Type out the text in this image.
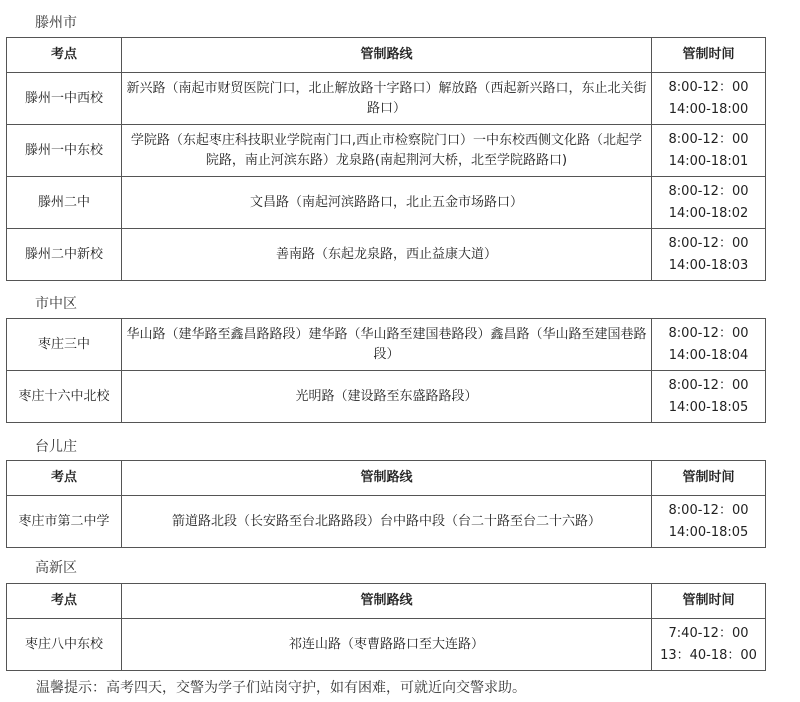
滕州市
考点	管制路线	管制时间
滕州一中西校	新兴路（南起市财贸医院门口，北止解放路十字路口）解放路（西起新兴路口，东止北关街路口）	8:00-12：00
14:00-18:00

滕州一中东校	学院路（东起枣庄科技职业学院南门口,西止市检察院门口）一中东校西侧文化路（北起学院路，南止河滨东路）龙泉路(南起荆河大桥，北至学院路路口)	8:00-12：00
14:00-18:01

滕州二中	文昌路（南起河滨路路口，北止五金市场路口）	8:00-12：00
14:00-18:02

滕州二中新校	善南路（东起龙泉路，西止益康大道）	8:00-12：00
14:00-18:03
市中区
枣庄三中	华山路（建华路至鑫昌路路段）建华路（华山路至建国巷路段）鑫昌路（华山路至建国巷路段）	8:00-12：00
14:00-18:04

枣庄十六中北校	光明路（建设路至东盛路路段）	8:00-12：00
14:00-18:05
台儿庄
考点	管制路线	管制时间
枣庄市第二中学	箭道路北段（长安路至台北路路段）台中路中段（台二十路至台二十六路）	8:00-12：00
14:00-18:05
高新区
考点	管制路线	管制时间
枣庄八中东校	祁连山路（枣曹路路口至大连路）	7:40-12：00
13：40-18：00
温馨提示：高考四天，交警为学子们站岗守护，如有困难，可就近向交警求助。
